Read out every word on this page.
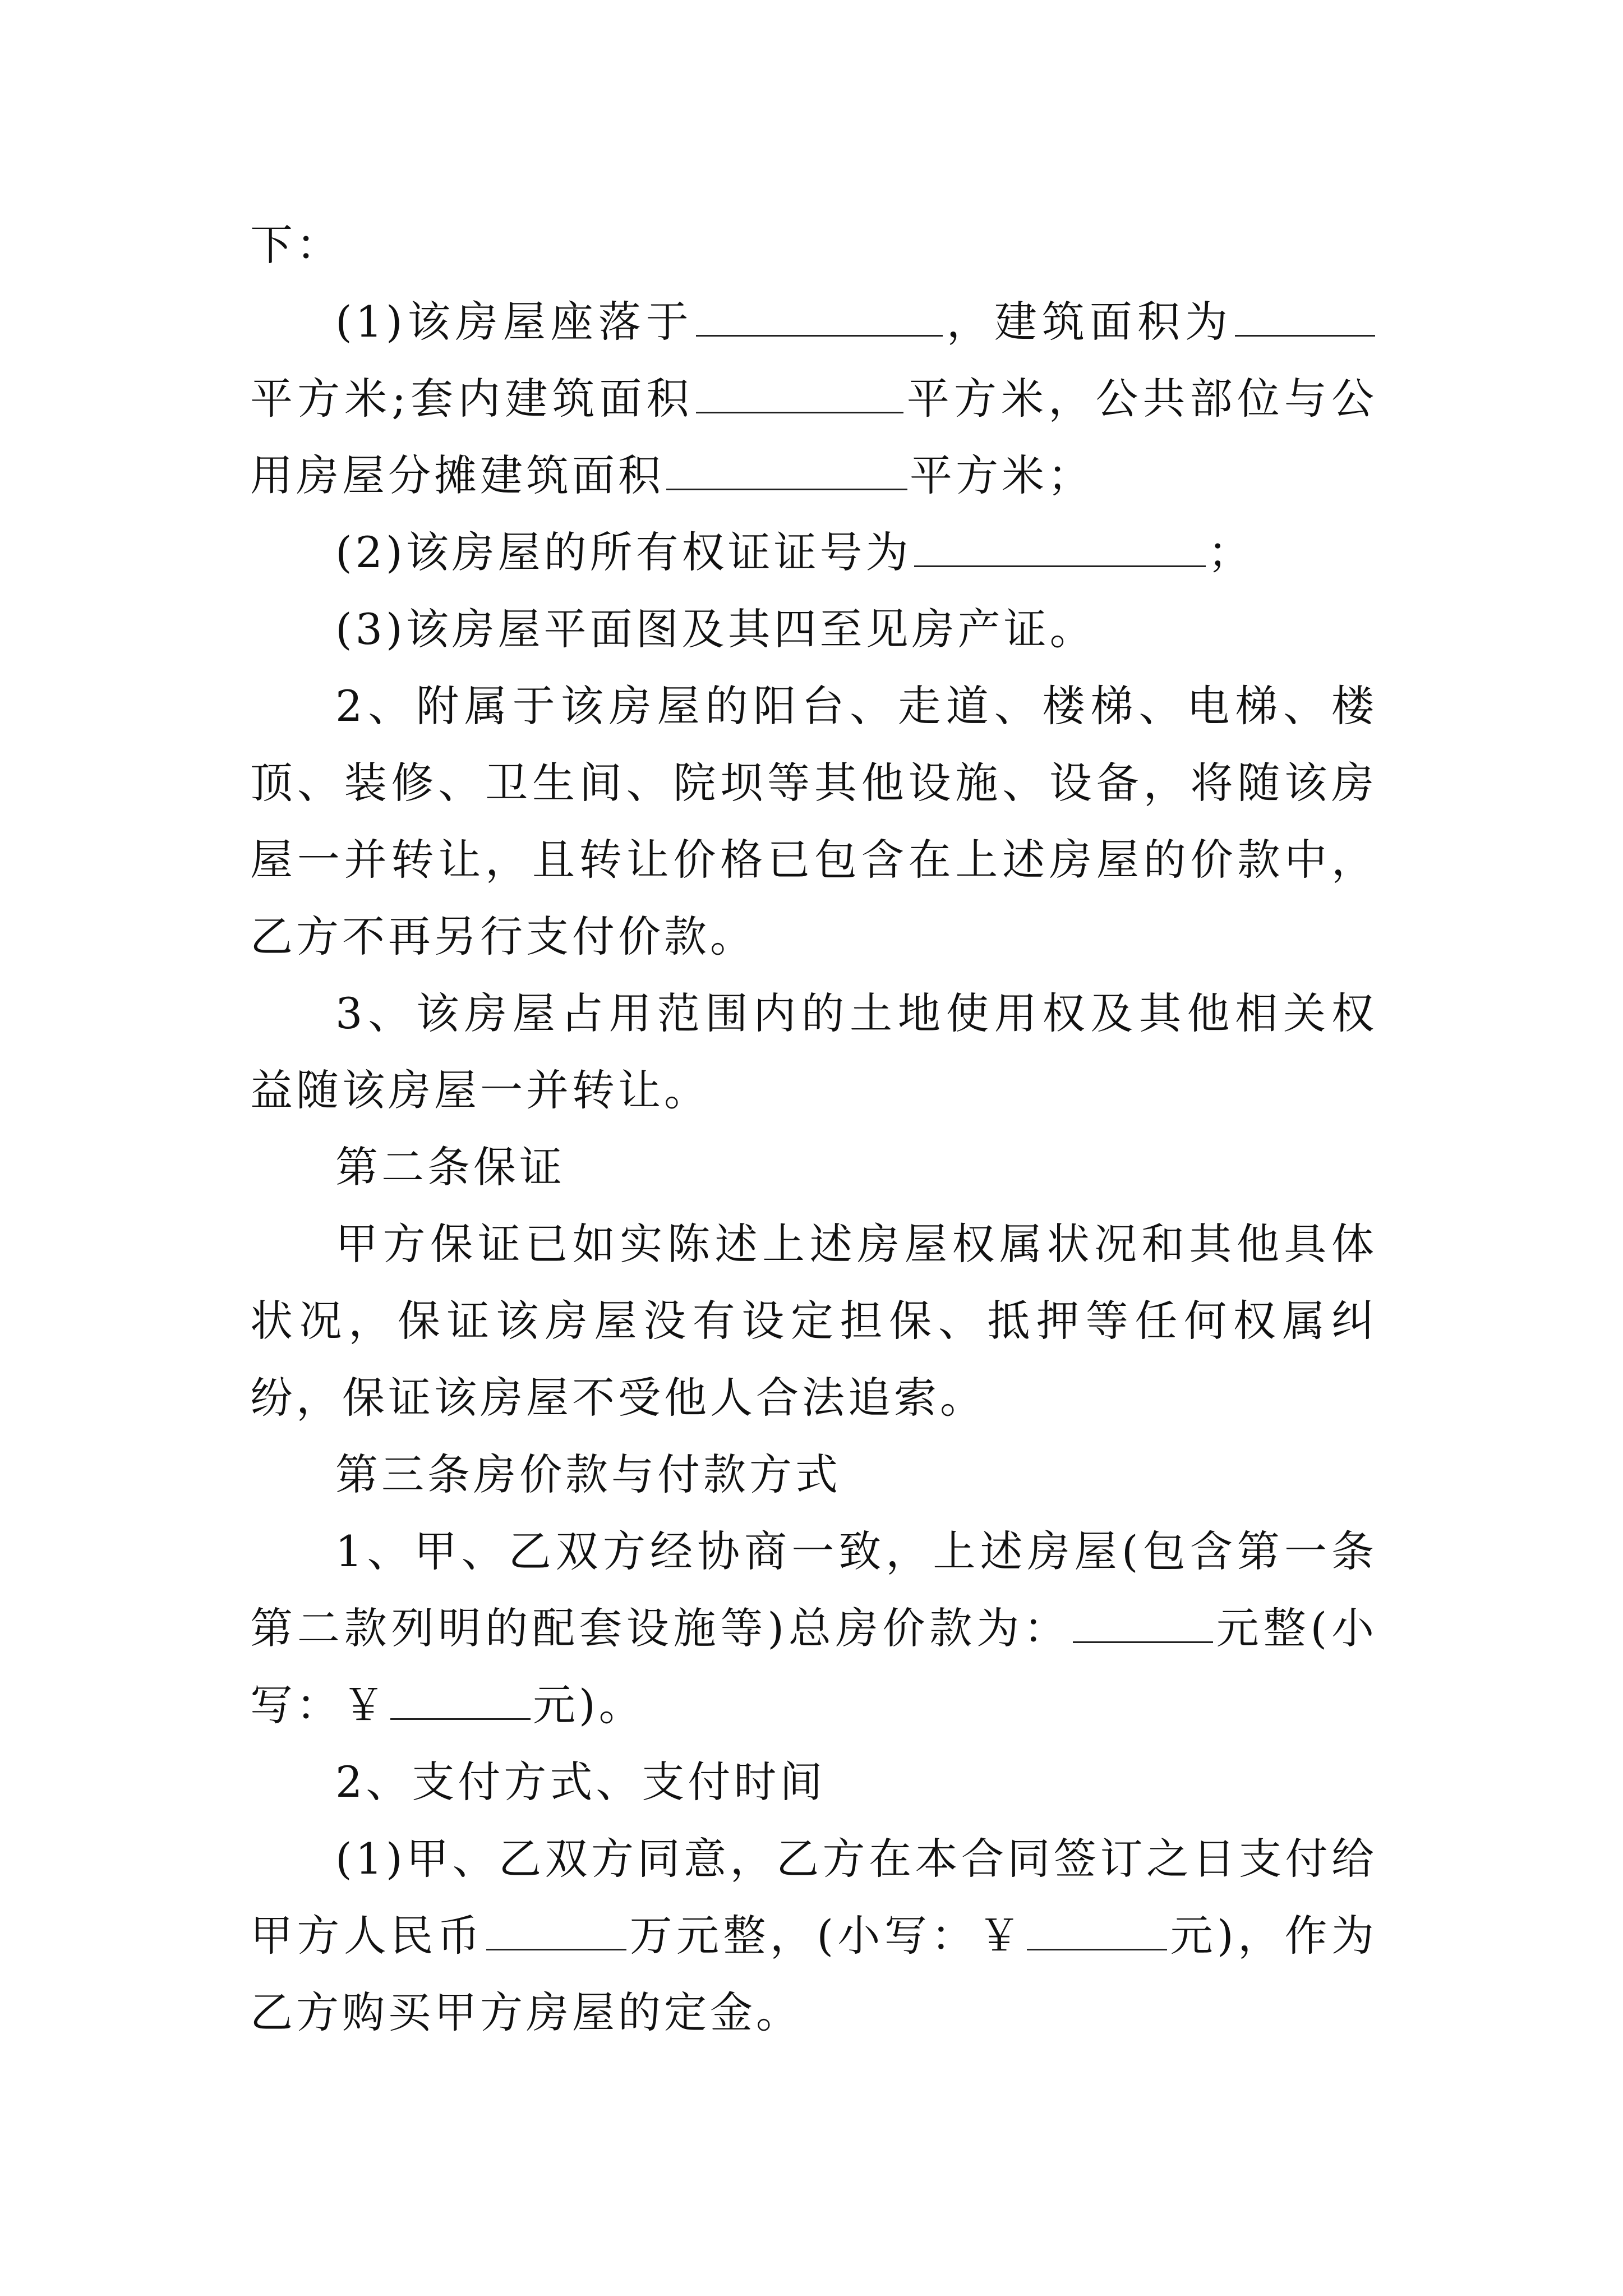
下：

(1)该房屋座落于	，建筑面积为平方米;套内建筑面积	平方米，公共部位与公用房屋分摊建筑面积	平方米；

(2)该房屋的所有权证证号为	；

(3)该房屋平面图及其四至见房产证。

2、附属于该房屋的阳台、走道、楼梯、电梯、楼顶、装修、卫生间、院坝等其他设施、设备，将随该房屋一并转让，且转让价格已包含在上述房屋的价款中，乙方不再另行支付价款。

3、该房屋占用范围内的土地使用权及其他相关权益随该房屋一并转让。

第二条保证

甲方保证已如实陈述上述房屋权属状况和其他具体状况，保证该房屋没有设定担保、抵押等任何权属纠纷，保证该房屋不受他人合法追索。

第三条房价款与付款方式

1、甲、乙双方经协商一致，上述房屋(包含第一条第二款列明的配套设施等)总房价款为：	元整(小写：￥	元)。

2、支付方式、支付时间

(1)甲、乙双方同意，乙方在本合同签订之日支付给甲方人民币	万元整，(小写：￥	元)，作为乙方购买甲方房屋的定金。
